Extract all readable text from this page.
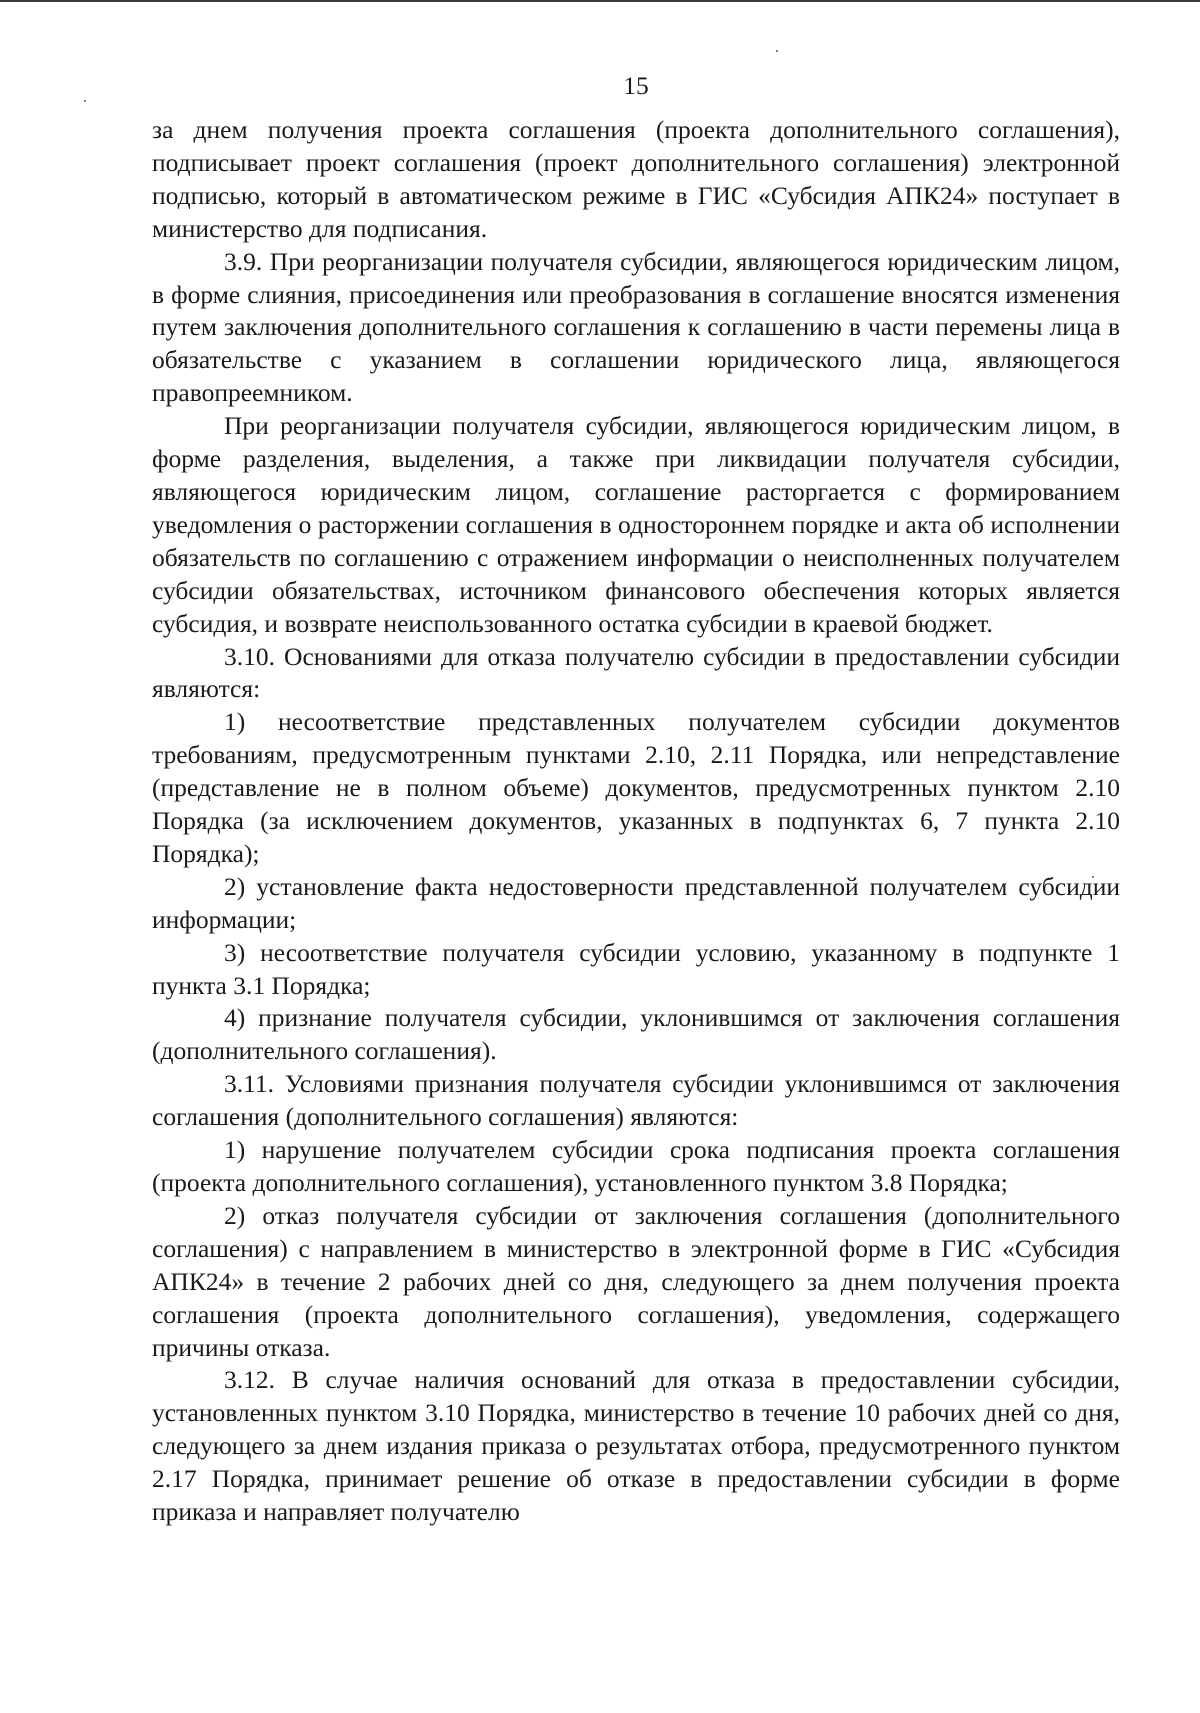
15

за днем получения проекта соглашения (проекта дополнительного соглашения), подписывает проект соглашения (проект дополнительного соглашения) электронной подписью, который в автоматическом режиме в ГИС «Субсидия АПК24» поступает в министерство для подписания.

3.9. При реорганизации получателя субсидии, являющегося юридическим лицом, в форме слияния, присоединения или преобразования в соглашение вносятся изменения путем заключения дополнительного соглашения к соглашению в части перемены лица в обязательстве с указанием в соглашении юридического лица, являющегося правопреемником.

При реорганизации получателя субсидии, являющегося юридическим лицом, в форме разделения, выделения, а также при ликвидации получателя субсидии, являющегося юридическим лицом, соглашение расторгается с формированием уведомления о расторжении соглашения в одностороннем порядке и акта об исполнении обязательств по соглашению с отражением информации о неисполненных получателем субсидии обязательствах, источником финансового обеспечения которых является субсидия, и возврате неиспользованного остатка субсидии в краевой бюджет.

3.10. Основаниями для отказа получателю субсидии в предоставлении субсидии являются:

1) несоответствие представленных получателем субсидии документов требованиям, предусмотренным пунктами 2.10, 2.11 Порядка, или непредставление (представление не в полном объеме) документов, предусмотренных пунктом 2.10 Порядка (за исключением документов, указанных в подпунктах 6, 7 пункта 2.10 Порядка);

2) установление факта недостоверности представленной получателем субсидии информации;

3) несоответствие получателя субсидии условию, указанному в подпункте 1 пункта 3.1 Порядка;

4) признание получателя субсидии, уклонившимся от заключения соглашения (дополнительного соглашения).

3.11. Условиями признания получателя субсидии уклонившимся от заключения соглашения (дополнительного соглашения) являются:

1) нарушение получателем субсидии срока подписания проекта соглашения (проекта дополнительного соглашения), установленного пунктом 3.8 Порядка;

2) отказ получателя субсидии от заключения соглашения (дополнительного соглашения) с направлением в министерство в электронной форме в ГИС «Субсидия АПК24» в течение 2 рабочих дней со дня, следующего за днем получения проекта соглашения (проекта дополнительного соглашения), уведомления, содержащего причины отказа.

3.12. В случае наличия оснований для отказа в предоставлении субсидии, установленных пунктом 3.10 Порядка, министерство в течение 10 рабочих дней со дня, следующего за днем издания приказа о результатах отбора, предусмотренного пунктом 2.17 Порядка, принимает решение об отказе в предоставлении субсидии в форме приказа и направляет получателю
